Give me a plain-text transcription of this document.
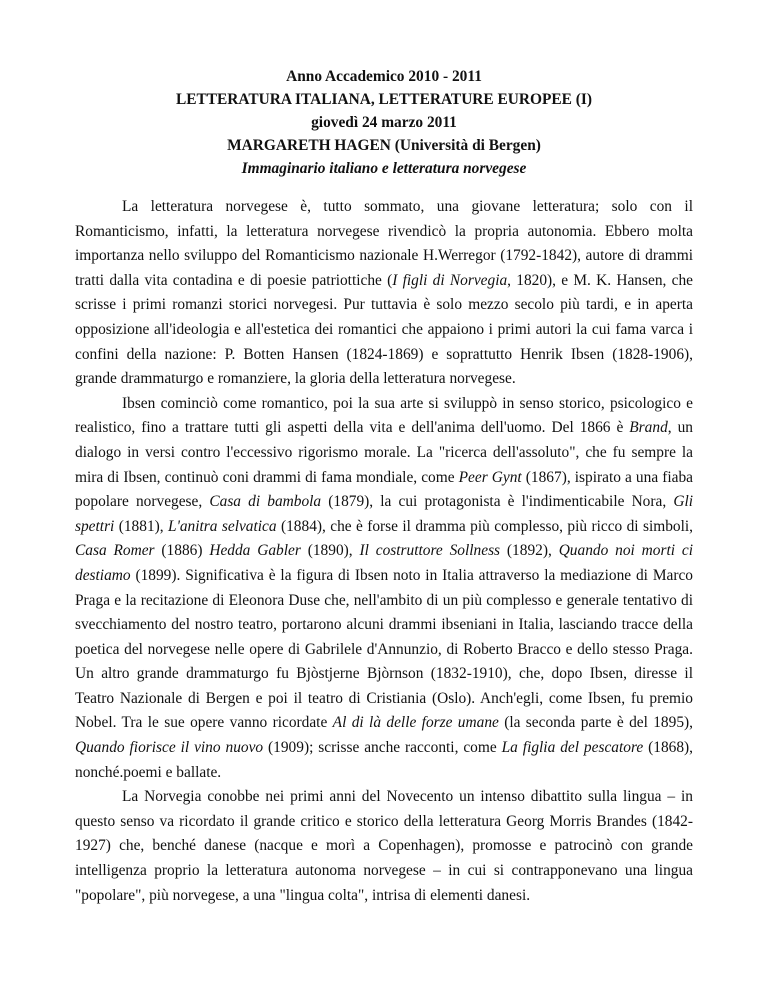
Anno Accademico 2010 - 2011
LETTERATURA ITALIANA, LETTERATURE EUROPEE (I)
giovedì 24 marzo 2011
MARGARETH HAGEN (Università di Bergen)
Immaginario italiano e letteratura norvegese

La letteratura norvegese è, tutto sommato, una giovane letteratura; solo con il Romanticismo, infatti, la letteratura norvegese rivendicò la propria autonomia. Ebbero molta importanza nello sviluppo del Romanticismo nazionale H.Werregor (1792-1842), autore di drammi tratti dalla vita contadina e di poesie patriottiche (I figli di Norvegia, 1820), e M. K. Hansen, che scrisse i primi romanzi storici norvegesi. Pur tuttavia è solo mezzo secolo più tardi, e in aperta opposizione all'ideologia e all'estetica dei romantici che appaiono i primi autori la cui fama varca i confini della nazione: P. Botten Hansen (1824-1869) e soprattutto Henrik Ibsen (1828-1906), grande drammaturgo e romanziere, la gloria della letteratura norvegese.

Ibsen cominciò come romantico, poi la sua arte si sviluppò in senso storico, psicologico e realistico, fino a trattare tutti gli aspetti della vita e dell'anima dell'uomo. Del 1866 è Brand, un dialogo in versi contro l'eccessivo rigorismo morale. La "ricerca dell'assoluto", che fu sempre la mira di Ibsen, continuò coni drammi di fama mondiale, come Peer Gynt (1867), ispirato a una fiaba popolare norvegese, Casa di bambola (1879), la cui protagonista è l'indimenticabile Nora, Gli spettri (1881), L'anitra selvatica (1884), che è forse il dramma più complesso, più ricco di simboli, Casa Romer (1886) Hedda Gabler (1890), Il costruttore Sollness (1892), Quando noi morti ci destiamo (1899). Significativa è la figura di Ibsen noto in Italia attraverso la mediazione di Marco Praga e la recitazione di Eleonora Duse che, nell'ambito di un più complesso e generale tentativo di svecchiamento del nostro teatro, portarono alcuni drammi ibseniani in Italia, lasciando tracce della poetica del norvegese nelle opere di Gabrilele d'Annunzio, di Roberto Bracco e dello stesso Praga. Un altro grande drammaturgo fu Bjòstjerne Bjòrnson (1832-1910), che, dopo Ibsen, diresse il Teatro Nazionale di Bergen e poi il teatro di Cristiania (Oslo). Anch'egli, come Ibsen, fu premio Nobel. Tra le sue opere vanno ricordate Al di là delle forze umane (la seconda parte è del 1895), Quando fiorisce il vino nuovo (1909); scrisse anche racconti, come La figlia del pescatore (1868), nonché.poemi e ballate.

La Norvegia conobbe nei primi anni del Novecento un intenso dibattito sulla lingua – in questo senso va ricordato il grande critico e storico della letteratura Georg Morris Brandes (1842-1927) che, benché danese (nacque e morì a Copenhagen), promosse e patrocinò con grande intelligenza proprio la letteratura autonoma norvegese – in cui si contrapponevano una lingua "popolare", più norvegese, a una "lingua colta", intrisa di elementi danesi.
